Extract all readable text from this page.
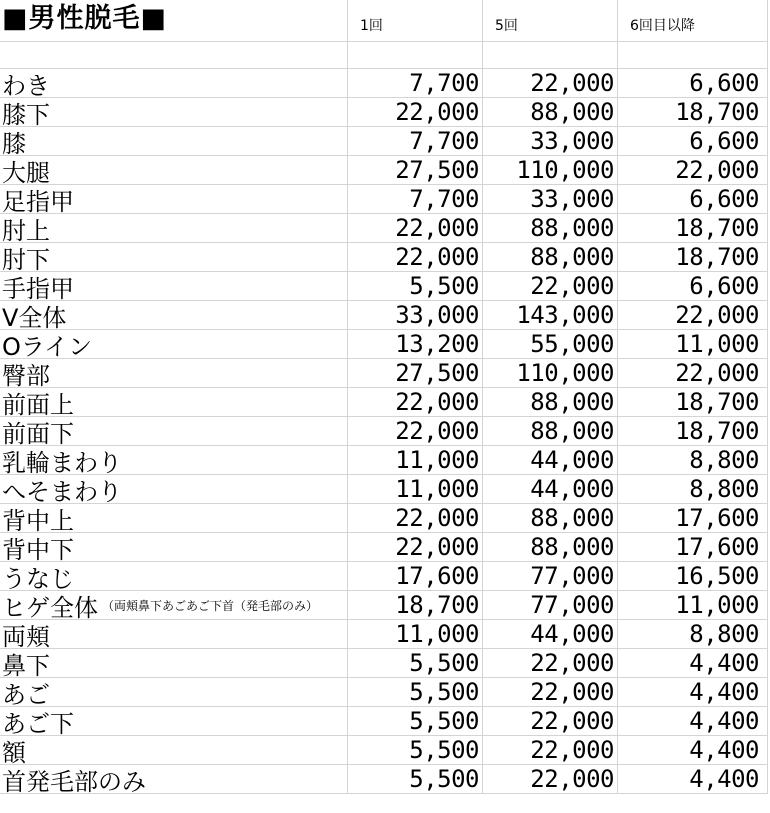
■男性脱毛■	1回	5回	6回目以降
わき	7,700 22,000	6,600
膝下	22,000 88,000	18,700
膝	7,700 33,000	6,600
大腿	27,500 110,000	22,000
足指甲	7,700 33,000	6,600
肘上	22,000 88,000	18,700
肘下	22,000 88,000	18,700
手指甲	5,500 22,000	6,600
V全体	33,000 143,000	22,000
Oライン	13,200 55,000	11,000
臀部	27,500 110,000	22,000
前面上	22,000 88,000	18,700
前面下	22,000 88,000	18,700
乳輪まわり	11,000 44,000	8,800
へそまわり	11,000 44,000	8,800
背中上	22,000 88,000	17,600
背中下	22,000 88,000	17,600
うなじ	17,600 77,000	16,500
ヒゲ全体 （両頬鼻下あごあご下首（発毛部のみ）	18,700 77,000	11,000
両頬	11,000 44,000	8,800
鼻下	5,500 22,000	4,400
あご	5,500 22,000	4,400
あご下	5,500 22,000	4,400
額	5,500 22,000	4,400
首発毛部のみ	5,500 22,000	4,400
